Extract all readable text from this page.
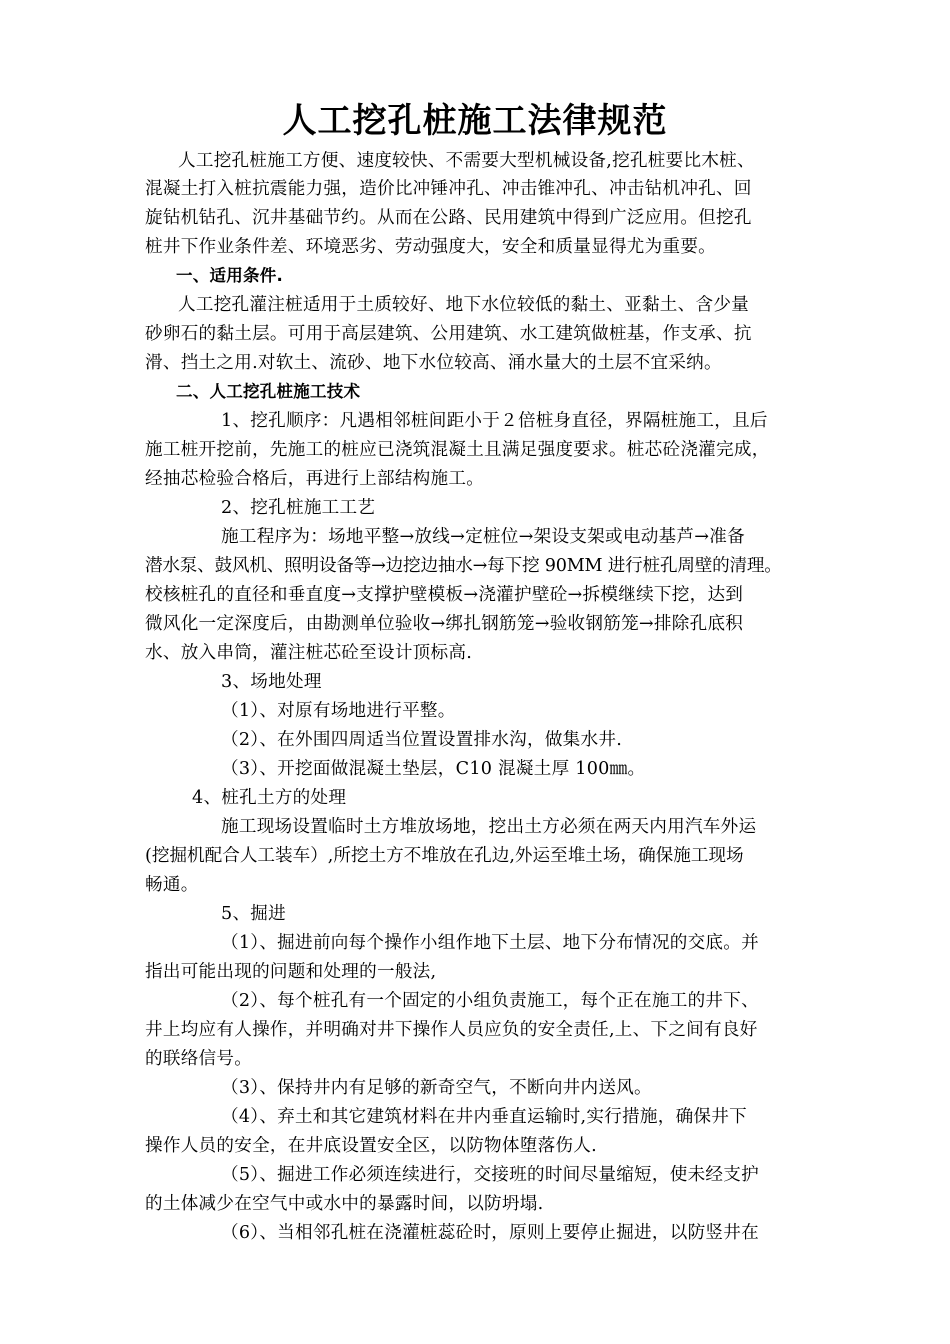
人工挖孔桩施工法律规范
人工挖孔桩施工方便、速度较快、不需要大型机械设备,挖孔桩要比木桩、
混凝土打入桩抗震能力强，造价比冲锤冲孔、冲击锥冲孔、冲击钻机冲孔、回
旋钻机钻孔、沉井基础节约。从而在公路、民用建筑中得到广泛应用。但挖孔
桩井下作业条件差、环境恶劣、劳动强度大，安全和质量显得尤为重要。
一、适用条件.
人工挖孔灌注桩适用于土质较好、地下水位较低的黏土、亚黏土、含少量
砂卵石的黏土层。可用于高层建筑、公用建筑、水工建筑做桩基，作支承、抗
滑、挡土之用.对软土、流砂、地下水位较高、涌水量大的土层不宜采纳。
二、人工挖孔桩施工技术
1、挖孔顺序：凡遇相邻桩间距小于２倍桩身直径，界隔桩施工，且后
施工桩开挖前，先施工的桩应已浇筑混凝土且满足强度要求。桩芯砼浇灌完成，
经抽芯检验合格后，再进行上部结构施工。
2、挖孔桩施工工艺
施工程序为：场地平整→放线→定桩位→架设支架或电动基芦→准备
潜水泵、鼓风机、照明设备等→边挖边抽水→每下挖 90MM 进行桩孔周壁的清理。
校核桩孔的直径和垂直度→支撑护壁模板→浇灌护壁砼→拆模继续下挖，达到
微风化一定深度后，由勘测单位验收→绑扎钢筋笼→验收钢筋笼→排除孔底积
水、放入串筒，灌注桩芯砼至设计顶标高.
3、场地处理
（1）、对原有场地进行平整。
（2）、在外围四周适当位置设置排水沟，做集水井.
（3）、开挖面做混凝土垫层，C10 混凝土厚 100㎜。
4、桩孔土方的处理
施工现场设置临时土方堆放场地，挖出土方必须在两天内用汽车外运
(挖掘机配合人工装车）,所挖土方不堆放在孔边,外运至堆土场，确保施工现场
畅通。
5、掘进
（1）、掘进前向每个操作小组作地下土层、地下分布情况的交底。并
指出可能出现的问题和处理的一般法,
（2）、每个桩孔有一个固定的小组负责施工，每个正在施工的井下、
井上均应有人操作，并明确对井下操作人员应负的安全责任,上、下之间有良好
的联络信号。
（3）、保持井内有足够的新奇空气，不断向井内送风。
（4）、弃土和其它建筑材料在井内垂直运输时,实行措施，确保井下
操作人员的安全，在井底设置安全区，以防物体堕落伤人.
（5）、掘进工作必须连续进行，交接班的时间尽量缩短，使未经支护
的土体减少在空气中或水中的暴露时间，以防坍塌.
（6）、当相邻孔桩在浇灌桩蕊砼时，原则上要停止掘进，以防竖井在
